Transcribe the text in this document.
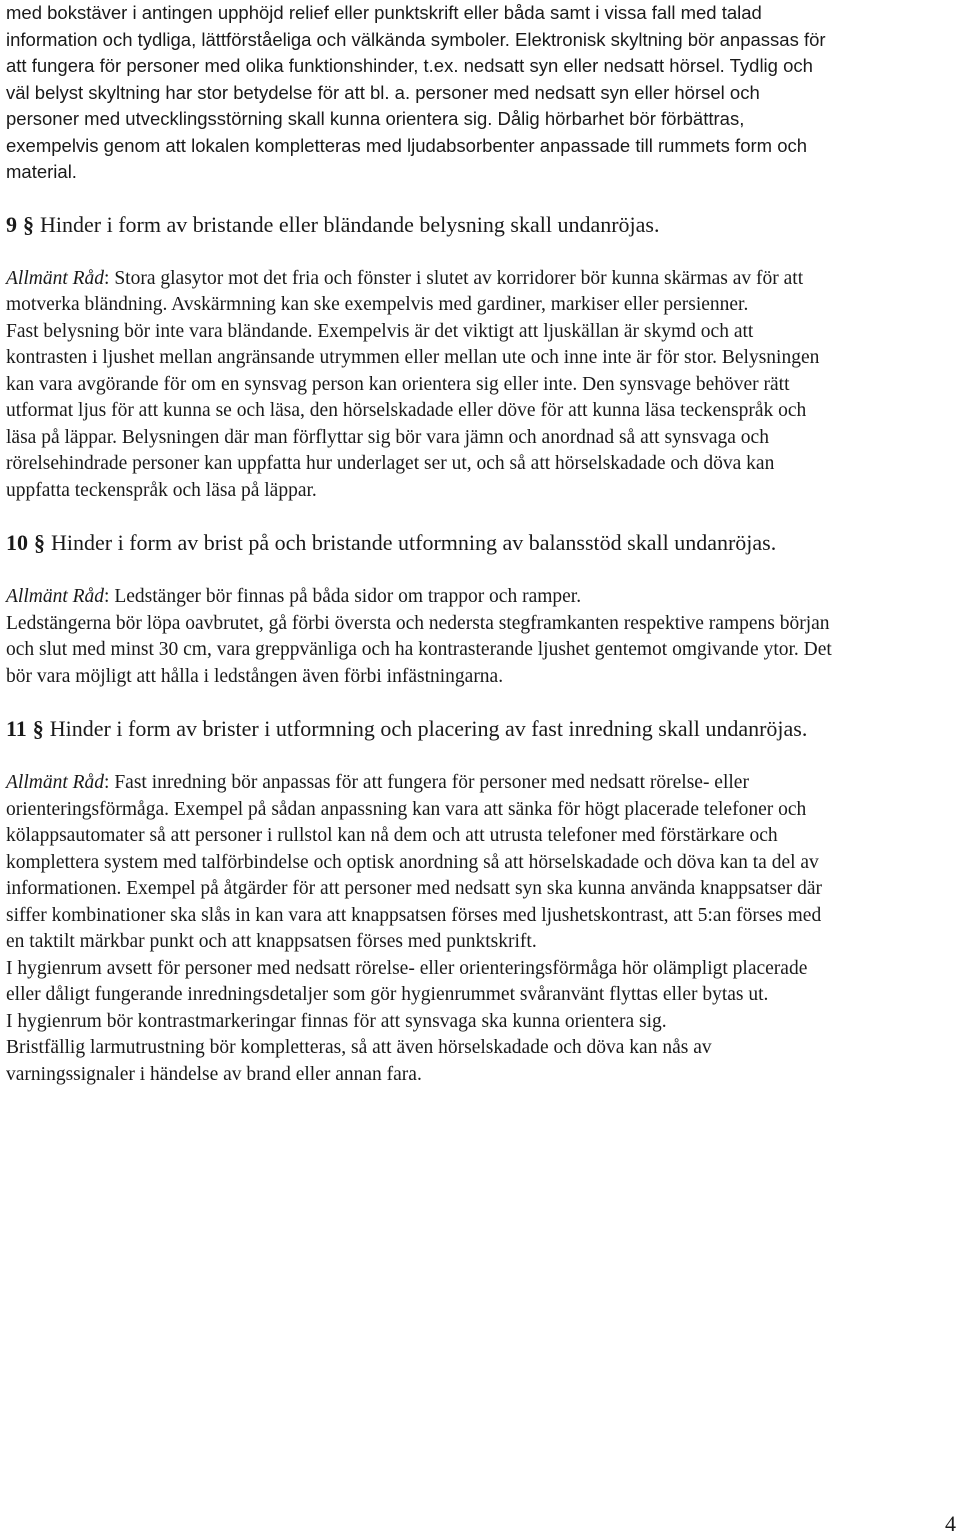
med bokstäver i antingen upphöjd relief eller punktskrift eller båda samt i vissa fall med talad information och tydliga, lättförståeliga och välkända symboler. Elektronisk skyltning bör anpassas för att fungera för personer med olika funktionshinder, t.ex. nedsatt syn eller nedsatt hörsel. Tydlig och väl belyst skyltning har stor betydelse för att bl. a. personer med nedsatt syn eller hörsel och personer med utvecklingsstörning skall kunna orientera sig. Dålig hörbarhet bör förbättras, exempelvis genom att lokalen kompletteras med ljudabsorbenter anpassade till rummets form och material.

9 § Hinder i form av bristande eller bländande belysning skall undanröjas.

Allmänt Råd: Stora glasytor mot det fria och fönster i slutet av korridorer bör kunna skärmas av för att motverka bländning. Avskärmning kan ske exempelvis med gardiner, markiser eller persienner.

Fast belysning bör inte vara bländande. Exempelvis är det viktigt att ljuskällan är skymd och att kontrasten i ljushet mellan angränsande utrymmen eller mellan ute och inne inte är för stor. Belysningen kan vara avgörande för om en synsvag person kan orientera sig eller inte. Den synsvage behöver rätt utformat ljus för att kunna se och läsa, den hörselskadade eller döve för att kunna läsa teckenspråk och läsa på läppar. Belysningen där man förflyttar sig bör vara jämn och anordnad så att synsvaga och rörelsehindrade personer kan uppfatta hur underlaget ser ut, och så att hörselskadade och döva kan uppfatta teckenspråk och läsa på läppar.

10 § Hinder i form av brist på och bristande utformning av balansstöd skall undanröjas.

Allmänt Råd: Ledstänger bör finnas på båda sidor om trappor och ramper.

Ledstängerna bör löpa oavbrutet, gå förbi översta och nedersta stegframkanten respektive rampens början och slut med minst 30 cm, vara greppvänliga och ha kontrasterande ljushet gentemot omgivande ytor. Det bör vara möjligt att hålla i ledstången även förbi infästningarna.

11 § Hinder i form av brister i utformning och placering av fast inredning skall undanröjas.

Allmänt Råd: Fast inredning bör anpassas för att fungera för personer med nedsatt rörelse- eller orienteringsförmåga. Exempel på sådan anpassning kan vara att sänka för högt placerade telefoner och kölappsautomater så att personer i rullstol kan nå dem och att utrusta telefoner med förstärkare och komplettera system med talförbindelse och optisk anordning så att hörselskadade och döva kan ta del av informationen. Exempel på åtgärder för att personer med nedsatt syn ska kunna använda knappsatser där siffer kombinationer ska slås in kan vara att knappsatsen förses med ljushetskontrast, att 5:an förses med en taktilt märkbar punkt och att knappsatsen förses med punktskrift.

I hygienrum avsett för personer med nedsatt rörelse- eller orienteringsförmåga hör olämpligt placerade eller dåligt fungerande inredningsdetaljer som gör hygienrummet svåranvänt flyttas eller bytas ut.

I hygienrum bör kontrastmarkeringar finnas för att synsvaga ska kunna orientera sig.

Bristfällig larmutrustning bör kompletteras, så att även hörselskadade och döva kan nås av varningssignaler i händelse av brand eller annan fara.

4
